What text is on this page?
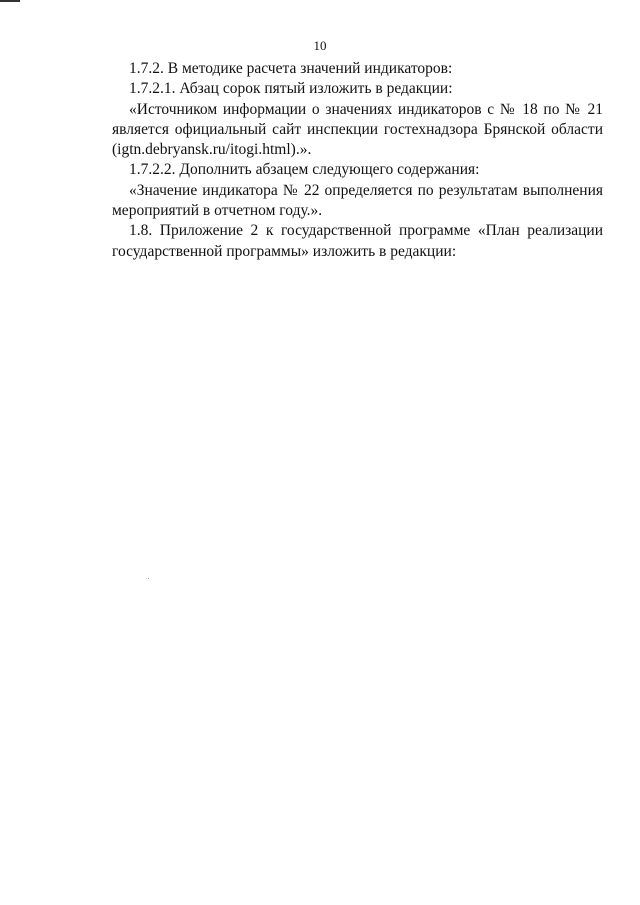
10

1.7.2. В методике расчета значений индикаторов:

1.7.2.1. Абзац сорок пятый изложить в редакции:

«Источником информации о значениях индикаторов с № 18 по № 21 является официальный сайт инспекции гостехнадзора Брянской области (igtn.debryansk.ru/itogi.html).».

1.7.2.2. Дополнить абзацем следующего содержания:

«Значение индикатора № 22 определяется по результатам выполнения мероприятий в отчетном году.».

1.8. Приложение 2 к государственной программе «План реализации государственной программы» изложить в редакции:
